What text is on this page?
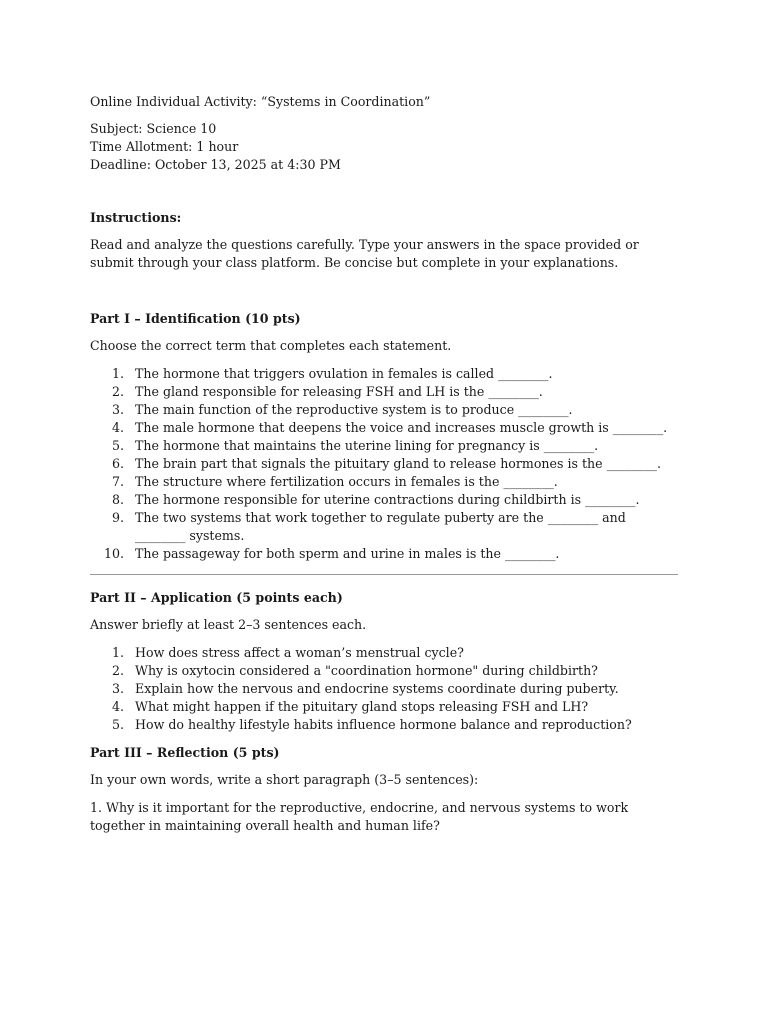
Online Individual Activity: “Systems in Coordination”

Subject: Science 10

Time Allotment: 1 hour

Deadline: October 13, 2025 at 4:30 PM

Instructions:

Read and analyze the questions carefully. Type your answers in the space provided or submit through your class platform. Be concise but complete in your explanations.

Part I – Identification (10 pts)

Choose the correct term that completes each statement.

1. The hormone that triggers ovulation in females is called ________.
2. The gland responsible for releasing FSH and LH is the ________.
3. The main function of the reproductive system is to produce ________.
4. The male hormone that deepens the voice and increases muscle growth is ________.
5. The hormone that maintains the uterine lining for pregnancy is ________.
6. The brain part that signals the pituitary gland to release hormones is the ________.
7. The structure where fertilization occurs in females is the ________.
8. The hormone responsible for uterine contractions during childbirth is ________.
9. The two systems that work together to regulate puberty are the ________ and ________ systems.
10. The passageway for both sperm and urine in males is the ________.

Part II – Application (5 points each)

Answer briefly at least 2–3 sentences each.

1. How does stress affect a woman’s menstrual cycle?
2. Why is oxytocin considered a "coordination hormone" during childbirth?
3. Explain how the nervous and endocrine systems coordinate during puberty.
4. What might happen if the pituitary gland stops releasing FSH and LH?
5. How do healthy lifestyle habits influence hormone balance and reproduction?

Part III – Reflection (5 pts)

In your own words, write a short paragraph (3–5 sentences):

1. Why is it important for the reproductive, endocrine, and nervous systems to work together in maintaining overall health and human life?
